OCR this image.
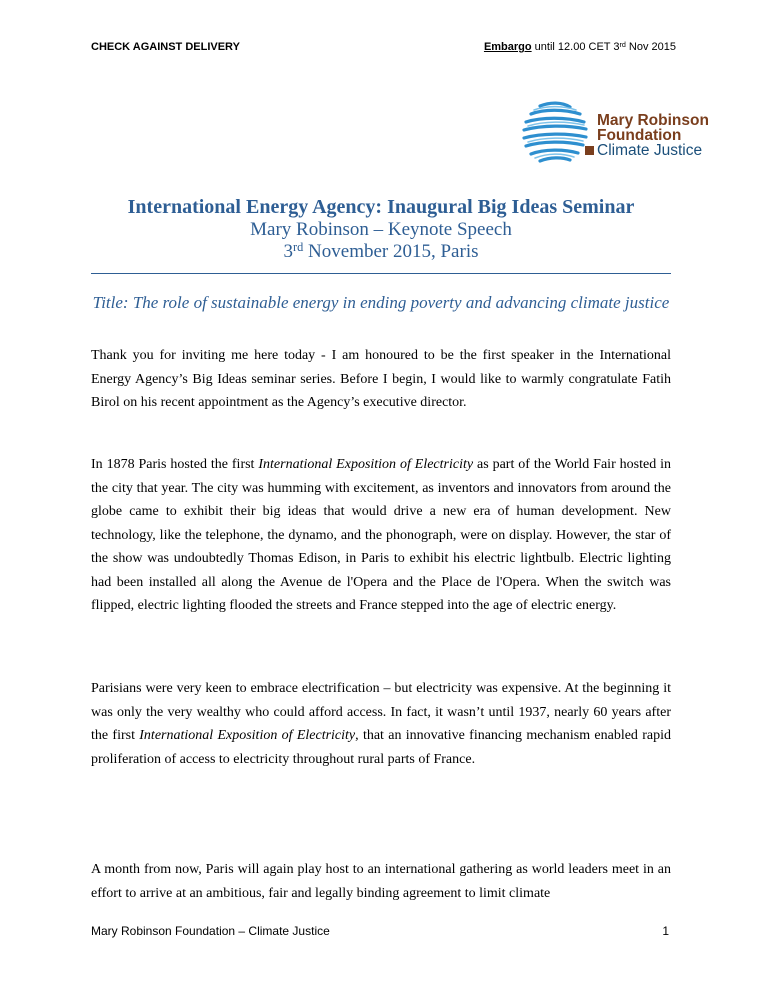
CHECK AGAINST DELIVERY	Embargo until 12.00 CET 3rd Nov 2015
Mary Robinson
Foundation
Climate Justice
International Energy Agency: Inaugural Big Ideas Seminar
Mary Robinson – Keynote Speech
3rd November 2015, Paris
Title: The role of sustainable energy in ending poverty and advancing climate justice

Thank you for inviting me here today - I am honoured to be the first speaker in the International Energy Agency’s Big Ideas seminar series. Before I begin, I would like to warmly congratulate Fatih Birol on his recent appointment as the Agency’s executive director.

In 1878 Paris hosted the first International Exposition of Electricity as part of the World Fair hosted in the city that year. The city was humming with excitement, as inventors and innovators from around the globe came to exhibit their big ideas that would drive a new era of human development. New technology, like the telephone, the dynamo, and the phonograph, were on display. However, the star of the show was undoubtedly Thomas Edison, in Paris to exhibit his electric lightbulb. Electric lighting had been installed all along the Avenue de l'Opera and the Place de l'Opera. When the switch was flipped, electric lighting flooded the streets and France stepped into the age of electric energy.

Parisians were very keen to embrace electrification – but electricity was expensive. At the beginning it was only the very wealthy who could afford access. In fact, it wasn’t until 1937, nearly 60 years after the first International Exposition of Electricity, that an innovative financing mechanism enabled rapid proliferation of access to electricity throughout rural parts of France.

A month from now, Paris will again play host to an international gathering as world leaders meet in an effort to arrive at an ambitious, fair and legally binding agreement to limit climate

Mary Robinson Foundation – Climate Justice	1
